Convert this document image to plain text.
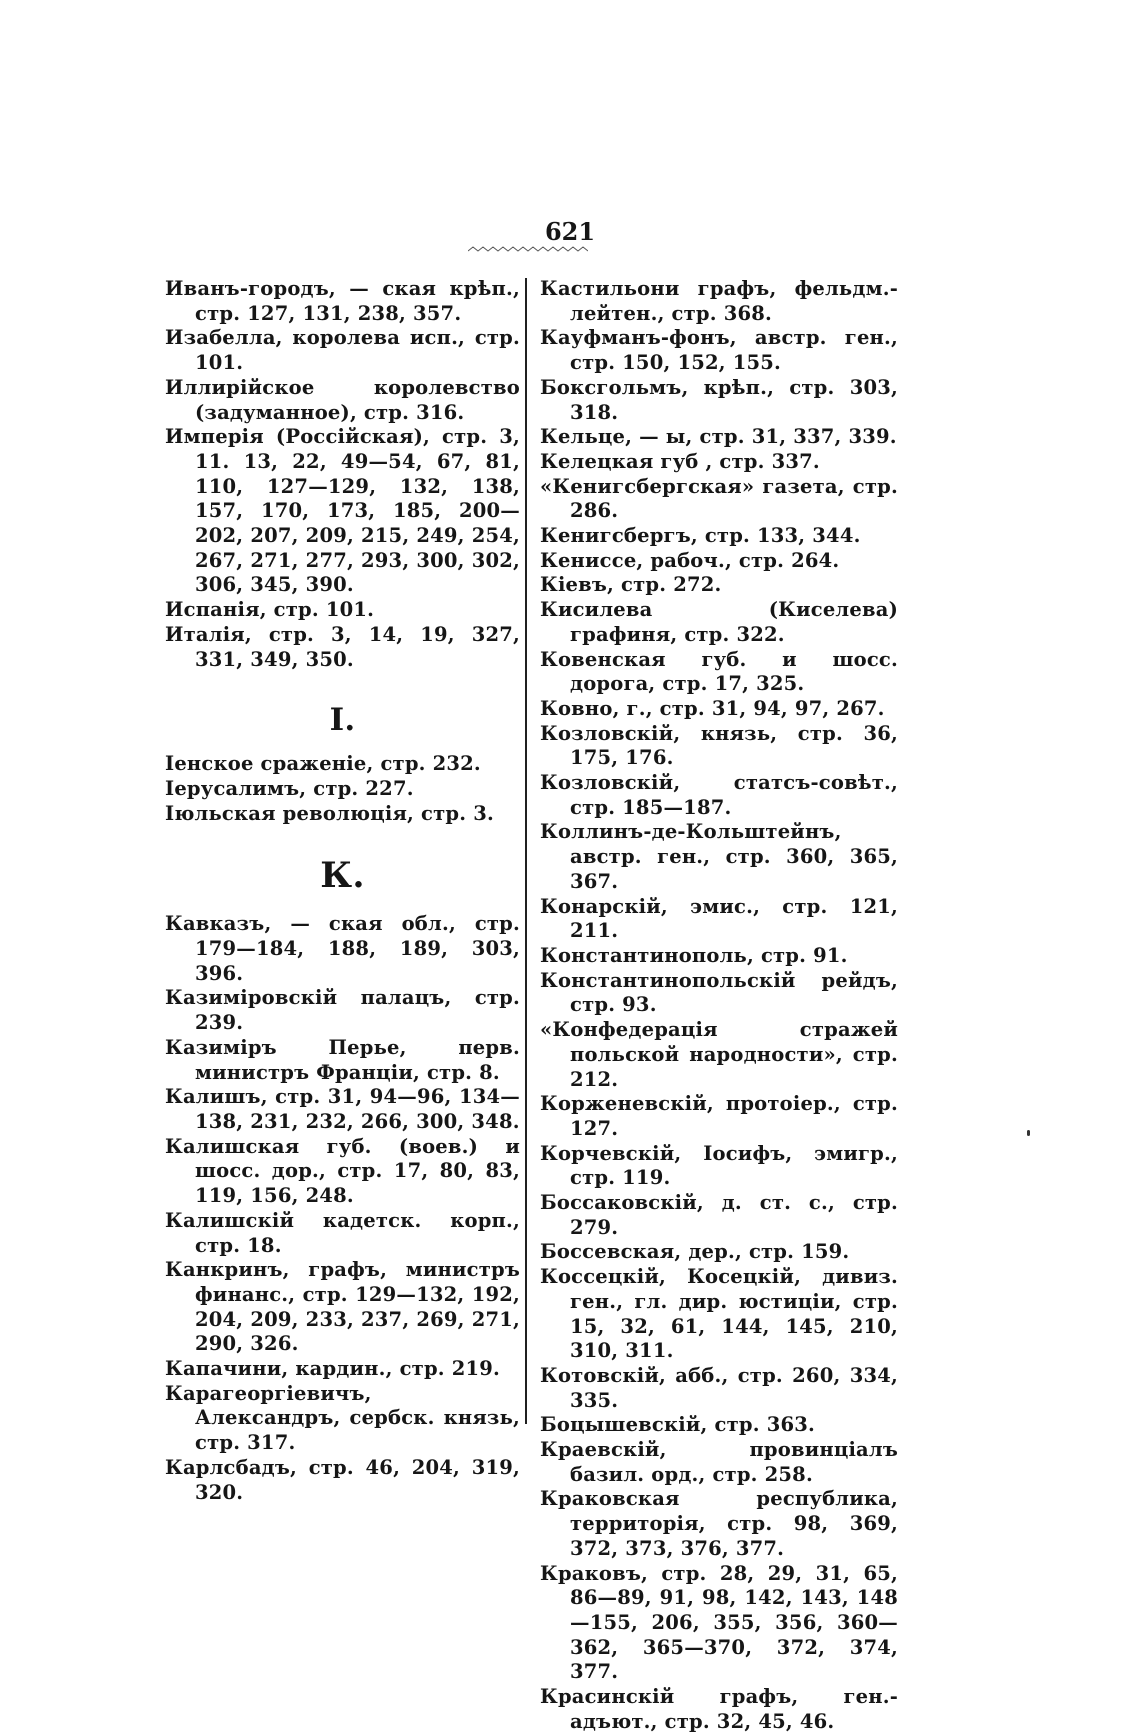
621

Иванъ-городъ, — ская крѣп., стр. 127, 131, 238, 357.

Изабелла, королева исп., стр. 101.

Иллирійское королевство (задуманное), стр. 316.

Имперія (Россійская), стр. 3, 11. 13, 22, 49—54, 67, 81, 110, 127—129, 132, 138, 157, 170, 173, 185, 200—202, 207, 209, 215, 249, 254, 267, 271, 277, 293, 300, 302, 306, 345, 390.

Испанія, стр. 101.

Италія, стр. 3, 14, 19, 327, 331, 349, 350.

I.

Іенское сраженіе, стр. 232.

Іерусалимъ, стр. 227.

Іюльская революція, стр. 3.

К.

Кавказъ, — ская обл., стр. 179—184, 188, 189, 303, 396.

Казиміровскій палацъ, стр. 239.

Казиміръ Перье, перв. министръ Франціи, стр. 8.

Калишъ, стр. 31, 94—96, 134—138, 231, 232, 266, 300, 348.

Калишская губ. (воев.) и шосс. дор., стр. 17, 80, 83, 119, 156, 248.

Калишскій кадетск. корп., стр. 18.

Канкринъ, графъ, министръ финанс., стр. 129—132, 192, 204, 209, 233, 237, 269, 271, 290, 326.

Капачини, кардин., стр. 219.

Карагеоргіевичъ, Александръ, сербск. князь, стр. 317.

Карлсбадъ, стр. 46, 204, 319, 320.

Кастильони графъ, фельдм.-лейтен., стр. 368.

Кауфманъ-фонъ, австр. ген., стр. 150, 152, 155.

Боксгольмъ, крѣп., стр. 303, 318.

Кельце, — ы, стр. 31, 337, 339.

Келецкая губ , стр. 337.

«Кенигсбергская» газета, стр. 286.

Кенигсбергъ, стр. 133, 344.

Кениссе, рабоч., стр. 264.

Кіевъ, стр. 272.

Кисилева (Киселева) графиня, стр. 322.

Ковенская губ. и шосс. дорога, стр. 17, 325.

Ковно, г., стр. 31, 94, 97, 267.

Козловскій, князь, стр. 36, 175, 176.

Козловскій, статсъ-совѣт., стр. 185—187.

Коллинъ-де-Кольштейнъ, австр. ген., стр. 360, 365, 367.

Конарскій, эмис., стр. 121, 211.

Константинополь, стр. 91.

Константинопольскій рейдъ, стр. 93.

«Конфедерація стражей польской народности», стр. 212.

Корженевскій, протоіер., стр. 127.

Корчевскій, Іосифъ, эмигр., стр. 119.

Боссаковскій, д. ст. с., стр. 279.

Боссевская, дер., стр. 159.

Коссецкій, Косецкій, дивиз. ген., гл. дир. юстиціи, стр. 15, 32, 61, 144, 145, 210, 310, 311.

Котовскій, абб., стр. 260, 334, 335.

Боцышевскій, стр. 363.

Краевскій, провинціалъ базил. орд., стр. 258.

Краковская республика, территорія, стр. 98, 369, 372, 373, 376, 377.

Краковъ, стр. 28, 29, 31, 65, 86—89, 91, 98, 142, 143, 148—155, 206, 355, 356, 360—362, 365—370, 372, 374, 377.

Красинскій графъ, ген.-адъют., стр. 32, 45, 46.
